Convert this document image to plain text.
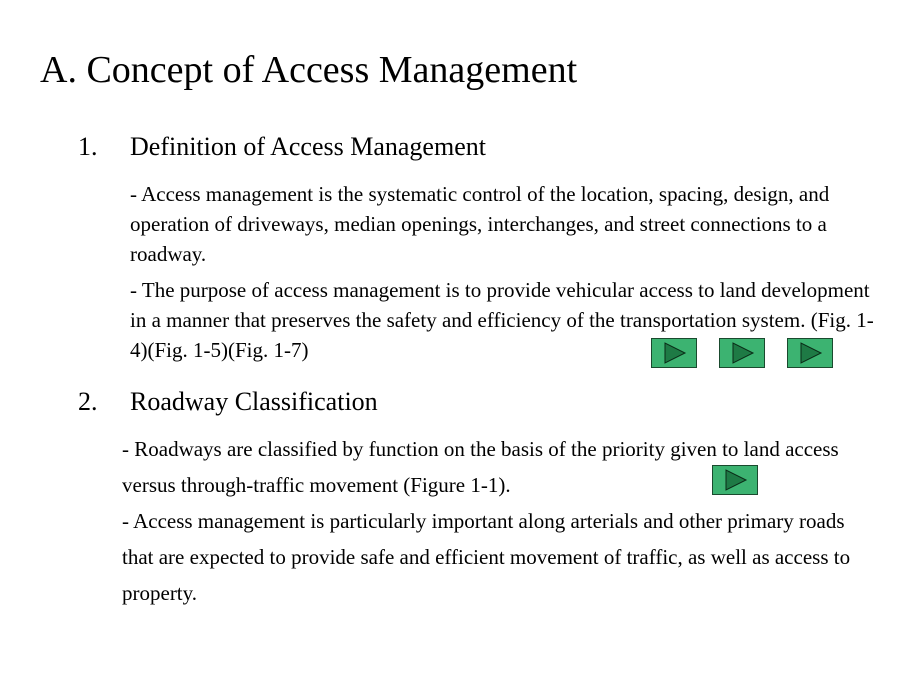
A. Concept of Access Management
1. Definition of Access Management
- Access management is the systematic control of the location, spacing, design, and operation of driveways, median openings, interchanges, and street connections to a roadway.
- The purpose of access management is to provide vehicular access to land development in a manner that preserves the safety and efficiency of the transportation system. (Fig. 1-4)(Fig. 1-5)(Fig. 1-7)
2. Roadway Classification
- Roadways are classified by function on the basis of the priority given to land access versus through-traffic movement (Figure 1-1).
- Access management is particularly important along arterials and other primary roads that are expected to provide safe and efficient movement of traffic, as well as access to property.
